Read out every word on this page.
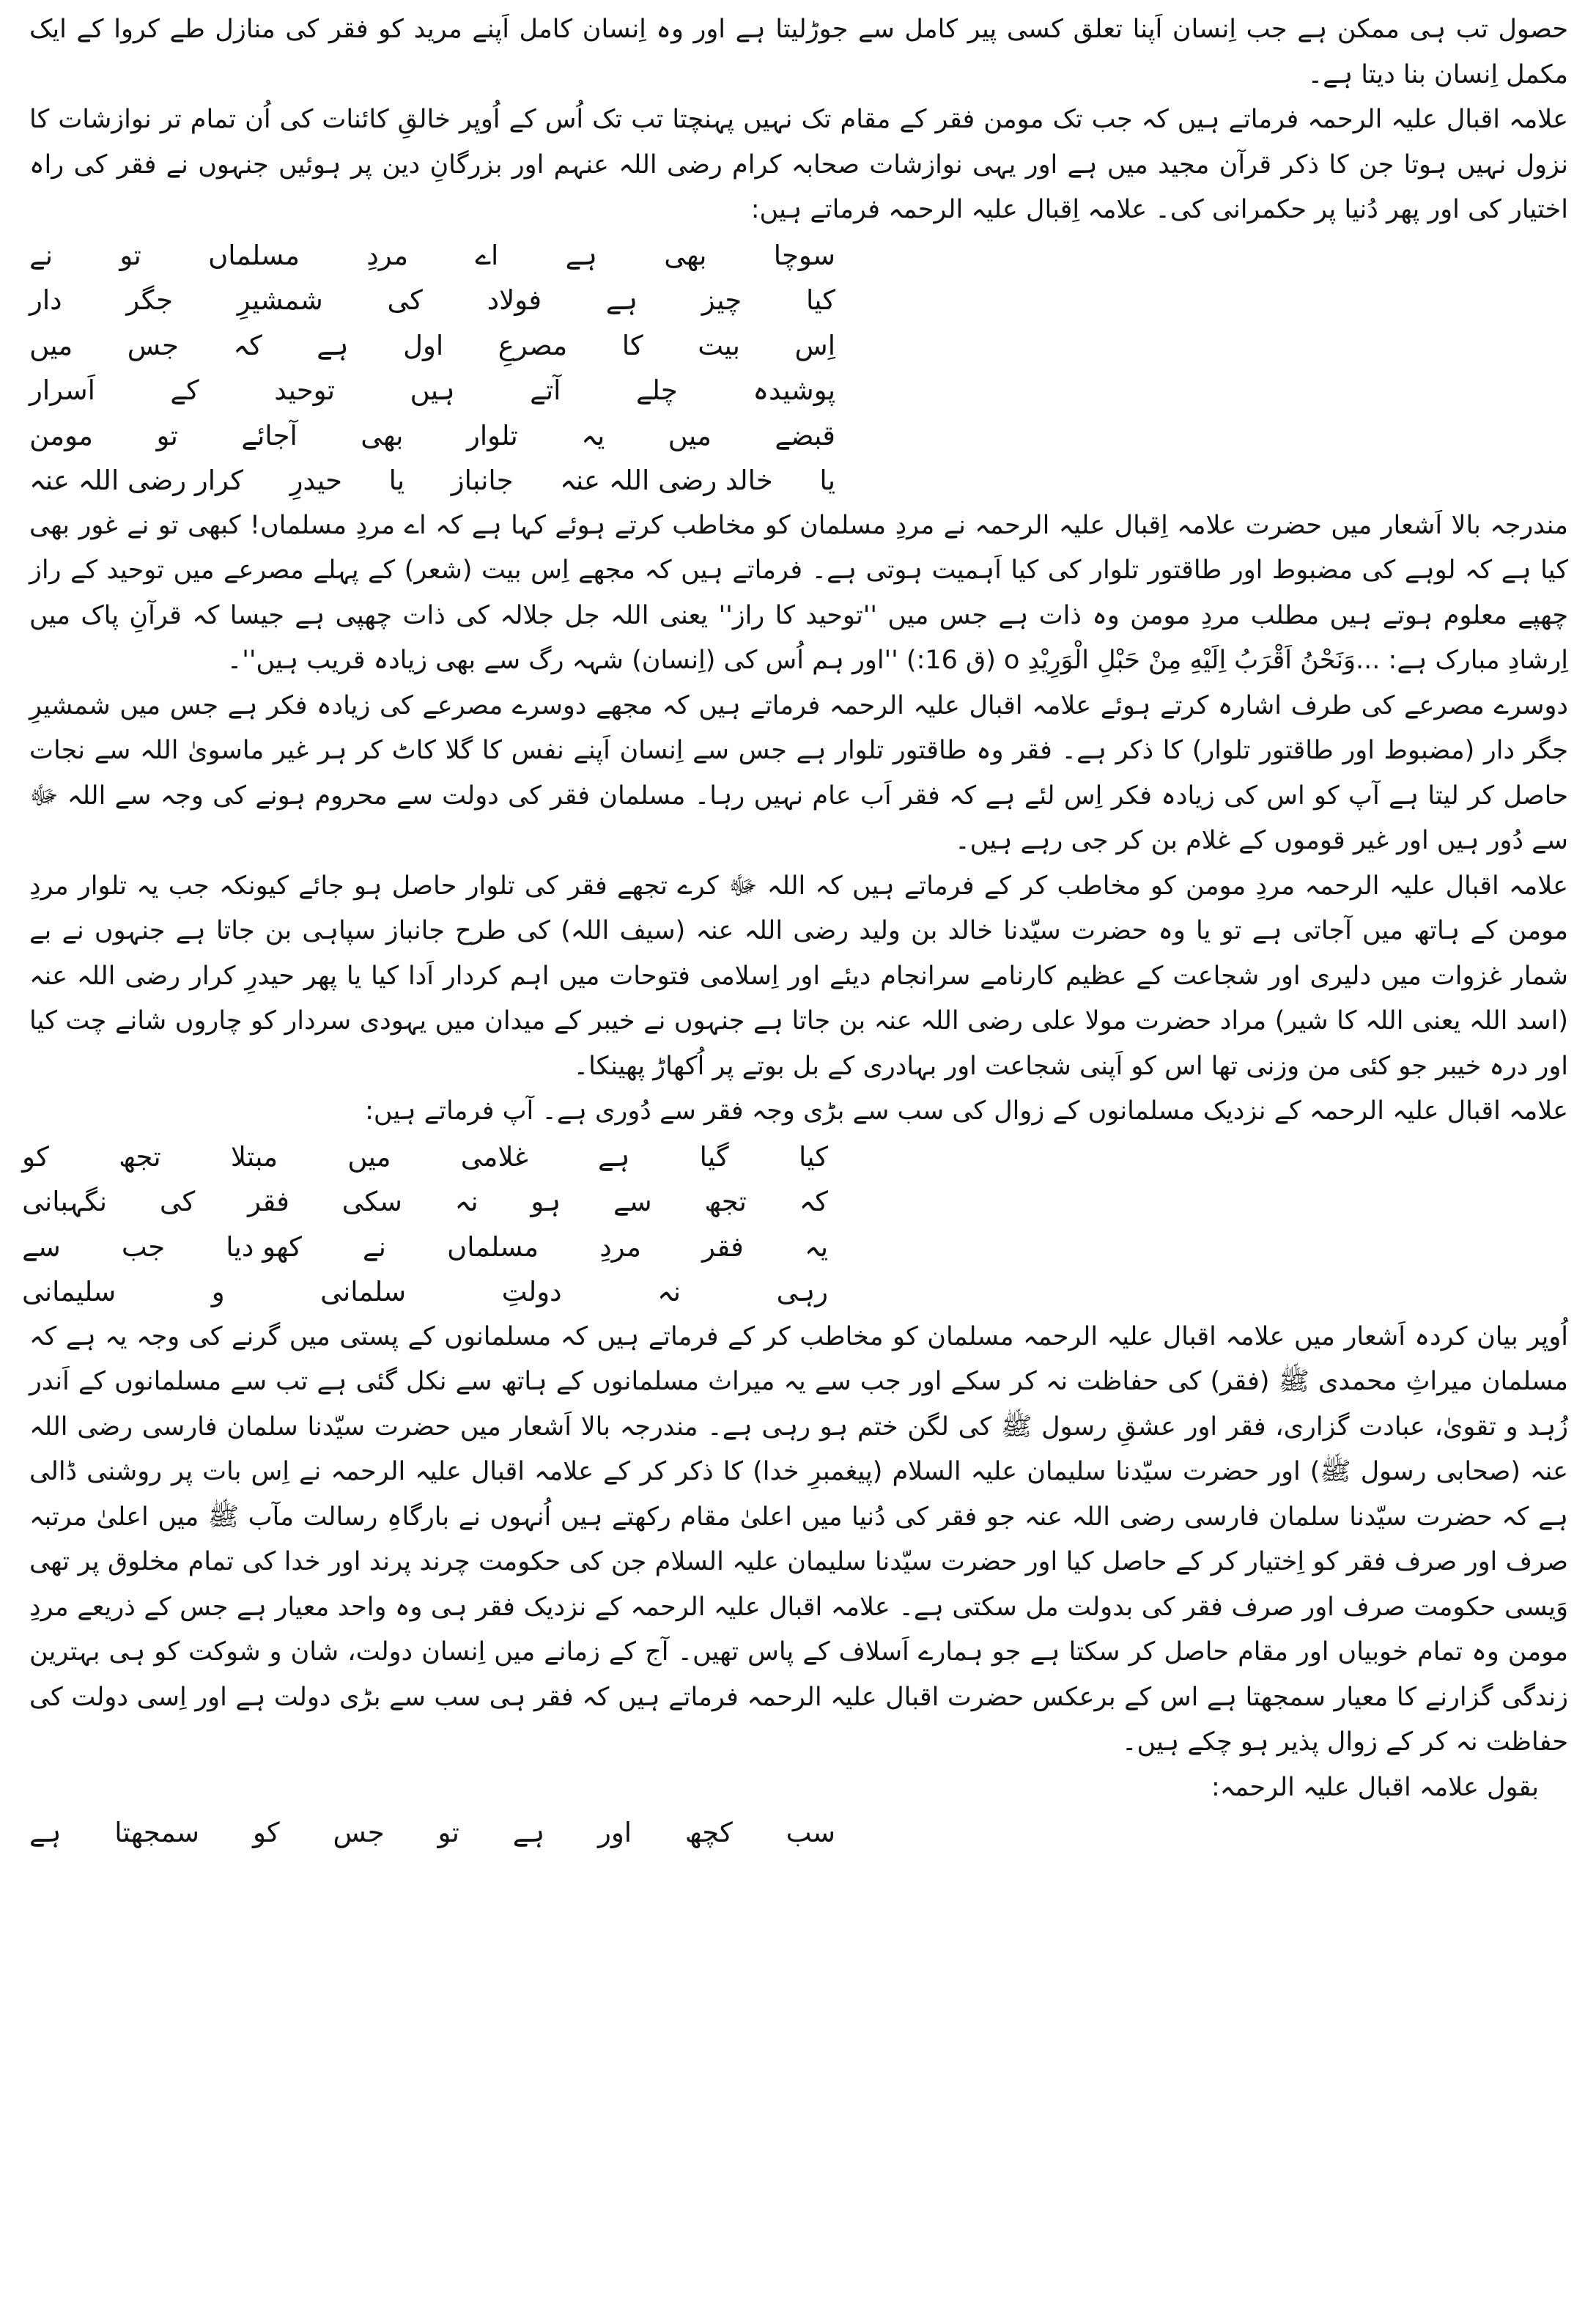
حصول تب ہی ممکن ہے جب اِنسان اَپنا تعلق کسی پیر کامل سے جوڑلیتا ہے اور وہ اِنسان کامل اَپنے مرید کو فقر کی منازل طے کروا کے ایک مکمل اِنسان بنا دیتا ہے۔

علامہ اقبال علیہ الرحمہ فرماتے ہیں کہ جب تک مومن فقر کے مقام تک نہیں پہنچتا تب تک اُس کے اُوپر خالقِ کائنات کی اُن تمام تر نوازشات کا نزول نہیں ہوتا جن کا ذکر قرآن مجید میں ہے اور یہی نوازشات صحابہ کرام رضی اللہ عنہم اور بزرگانِ دین پر ہوئیں جنہوں نے فقر کی راہ اختیار کی اور پھر دُنیا پر حکمرانی کی۔ علامہ اِقبال علیہ الرحمہ فرماتے ہیں:

سوچا
بھی
ہے
اے
مردِ
مسلماں
تو
نے
کیا
چیز
ہے
فولاد
کی
شمشیرِ
جگر
دار
اِس
بیت
کا
مصرعِ
اول
ہے
کہ
جس
میں
پوشیدہ
چلے
آتے
ہیں
توحید
کے
اَسرار
قبضے
میں
یہ
تلوار
بھی
آجائے
تو
مومن
یا
خالد رضی اللہ عنہ
جانباز
یا
حیدرِ
کرار رضی اللہ عنہ

مندرجہ بالا اَشعار میں حضرت علامہ اِقبال علیہ الرحمہ نے مردِ مسلمان کو مخاطب کرتے ہوئے کہا ہے کہ اے مردِ مسلماں! کبھی تو نے غور بھی کیا ہے کہ لوہے کی مضبوط اور طاقتور تلوار کی کیا اَہمیت ہوتی ہے۔ فرماتے ہیں کہ مجھے اِس بیت (شعر) کے پہلے مصرعے میں توحید کے راز چھپے معلوم ہوتے ہیں مطلب مردِ مومن وہ ذات ہے جس میں ''توحید کا راز'' یعنی اللہ جل جلالہ کی ذات چھپی ہے جیسا کہ قرآنِ پاک میں اِرشادِ مبارک ہے: ...وَنَحْنُ اَقْرَبُ اِلَیْهِ مِنْ حَبْلِ الْوَرِیْدِ o (ق 16:) ''اور ہم اُس کی (اِنسان) شہہ رگ سے بھی زیادہ قریب ہیں''۔

دوسرے مصرعے کی طرف اشارہ کرتے ہوئے علامہ اقبال علیہ الرحمہ فرماتے ہیں کہ مجھے دوسرے مصرعے کی زیادہ فکر ہے جس میں شمشیرِ جگر دار (مضبوط اور طاقتور تلوار) کا ذکر ہے۔ فقر وہ طاقتور تلوار ہے جس سے اِنسان اَپنے نفس کا گلا کاٹ کر ہر غیر ماسویٰ اللہ سے نجات حاصل کر لیتا ہے آپ کو اس کی زیادہ فکر اِس لئے ہے کہ فقر اَب عام نہیں رہا۔ مسلمان فقر کی دولت سے محروم ہونے کی وجہ سے اللہ ﷻ سے دُور ہیں اور غیر قوموں کے غلام بن کر جی رہے ہیں۔

علامہ اقبال علیہ الرحمہ مردِ مومن کو مخاطب کر کے فرماتے ہیں کہ اللہ ﷻ کرے تجھے فقر کی تلوار حاصل ہو جائے کیونکہ جب یہ تلوار مردِ مومن کے ہاتھ میں آجاتی ہے تو یا وہ حضرت سیّدنا خالد بن ولید رضی اللہ عنہ (سیف اللہ) کی طرح جانباز سپاہی بن جاتا ہے جنہوں نے بے شمار غزوات میں دلیری اور شجاعت کے عظیم کارنامے سرانجام دیئے اور اِسلامی فتوحات میں اہم کردار اَدا کیا یا پھر حیدرِ کرار رضی اللہ عنہ (اسد اللہ یعنی اللہ کا شیر) مراد حضرت مولا علی رضی اللہ عنہ بن جاتا ہے جنہوں نے خیبر کے میدان میں یہودی سردار کو چاروں شانے چت کیا اور درہ خیبر جو کئی من وزنی تھا اس کو اَپنی شجاعت اور بہادری کے بل بوتے پر اُکھاڑ پھینکا۔

علامہ اقبال علیہ الرحمہ کے نزدیک مسلمانوں کے زوال کی سب سے بڑی وجہ فقر سے دُوری ہے۔ آپ فرماتے ہیں:

کیا
گیا
ہے
غلامی
میں
مبتلا
تجھ
کو
کہ
تجھ
سے
ہو
نہ
سکی
فقر
کی
نگہبانی
یہ
فقر
مردِ
مسلماں
نے
کھو دیا
جب
سے
رہی
نہ
دولتِ
سلمانی
و
سلیمانی

اُوپر بیان کردہ اَشعار میں علامہ اقبال علیہ الرحمہ مسلمان کو مخاطب کر کے فرماتے ہیں کہ مسلمانوں کے پستی میں گرنے کی وجہ یہ ہے کہ مسلمان میراثِ محمدی ﷺ (فقر) کی حفاظت نہ کر سکے اور جب سے یہ میراث مسلمانوں کے ہاتھ سے نکل گئی ہے تب سے مسلمانوں کے اَندر زُہد و تقویٰ، عبادت گزاری، فقر اور عشقِ رسول ﷺ کی لگن ختم ہو رہی ہے۔ مندرجہ بالا اَشعار میں حضرت سیّدنا سلمان فارسی رضی اللہ عنہ (صحابی رسول ﷺ) اور حضرت سیّدنا سلیمان علیہ السلام (پیغمبرِ خدا) کا ذکر کر کے علامہ اقبال علیہ الرحمہ نے اِس بات پر روشنی ڈالی ہے کہ حضرت سیّدنا سلمان فارسی رضی اللہ عنہ جو فقر کی دُنیا میں اعلیٰ مقام رکھتے ہیں اُنہوں نے بارگاہِ رسالت مآب ﷺ میں اعلیٰ مرتبہ صرف اور صرف فقر کو اِختیار کر کے حاصل کیا اور حضرت سیّدنا سلیمان علیہ السلام جن کی حکومت چرند پرند اور خدا کی تمام مخلوق پر تھی وَیسی حکومت صرف اور صرف فقر کی بدولت مل سکتی ہے۔ علامہ اقبال علیہ الرحمہ کے نزدیک فقر ہی وہ واحد معیار ہے جس کے ذریعے مردِ مومن وہ تمام خوبیاں اور مقام حاصل کر سکتا ہے جو ہمارے اَسلاف کے پاس تھیں۔ آج کے زمانے میں اِنسان دولت، شان و شوکت کو ہی بہترین زندگی گزارنے کا معیار سمجھتا ہے اس کے برعکس حضرت اقبال علیہ الرحمہ فرماتے ہیں کہ فقر ہی سب سے بڑی دولت ہے اور اِسی دولت کی حفاظت نہ کر کے زوال پذیر ہو چکے ہیں۔

بقول علامہ اقبال علیہ الرحمہ:

سب
کچھ
اور
ہے
تو
جس
کو
سمجھتا
ہے
